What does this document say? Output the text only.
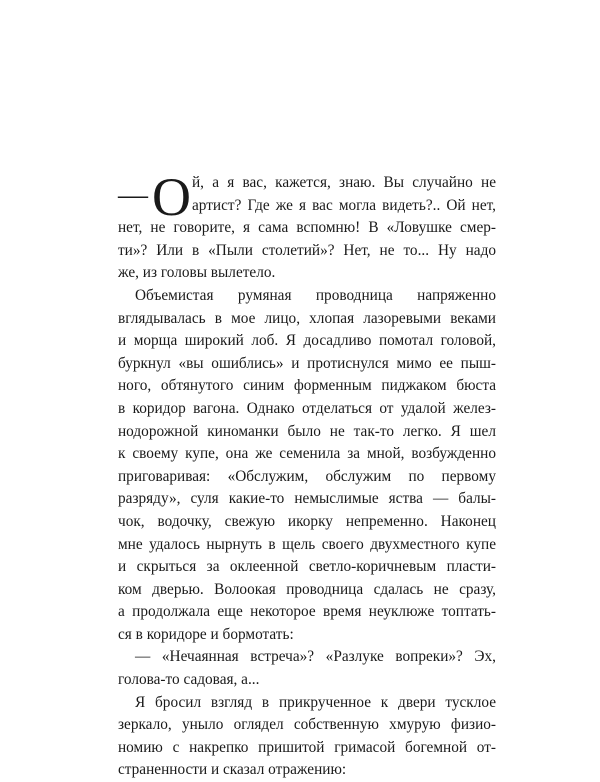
— О й, а я вас, кажется, знаю. Вы случайно не
артист? Где же я вас могла видеть?.. Ой нет,
нет, не говорите, я сама вспомню! В «Ловушке смер-
ти»? Или в «Пыли столетий»? Нет, не то... Ну надо
же, из головы вылетело.
Объемистая румяная проводница напряженно
вглядывалась в мое лицо, хлопая лазоревыми веками
и морща широкий лоб. Я досадливо помотал головой,
буркнул «вы ошиблись» и протиснулся мимо ее пыш-
ного, обтянутого синим форменным пиджаком бюста
в коридор вагона. Однако отделаться от удалой желез-
нодорожной киноманки было не так-то легко. Я шел
к своему купе, она же семенила за мной, возбужденно
приговаривая: «Обслужим, обслужим по первому
разряду», суля какие-то немыслимые яства — балы-
чок, водочку, свежую икорку непременно. Наконец
мне удалось нырнуть в щель своего двухместного купе
и скрыться за оклеенной светло-коричневым пласти-
ком дверью. Волоокая проводница сдалась не сразу,
а продолжала еще некоторое время неуклюже топтать-
ся в коридоре и бормотать:
— «Нечаянная встреча»? «Разлуке вопреки»? Эх,
голова-то садовая, а...
Я бросил взгляд в прикрученное к двери тусклое
зеркало, уныло оглядел собственную хмурую физио-
номию с накрепко пришитой гримасой богемной от-
страненности и сказал отражению:
